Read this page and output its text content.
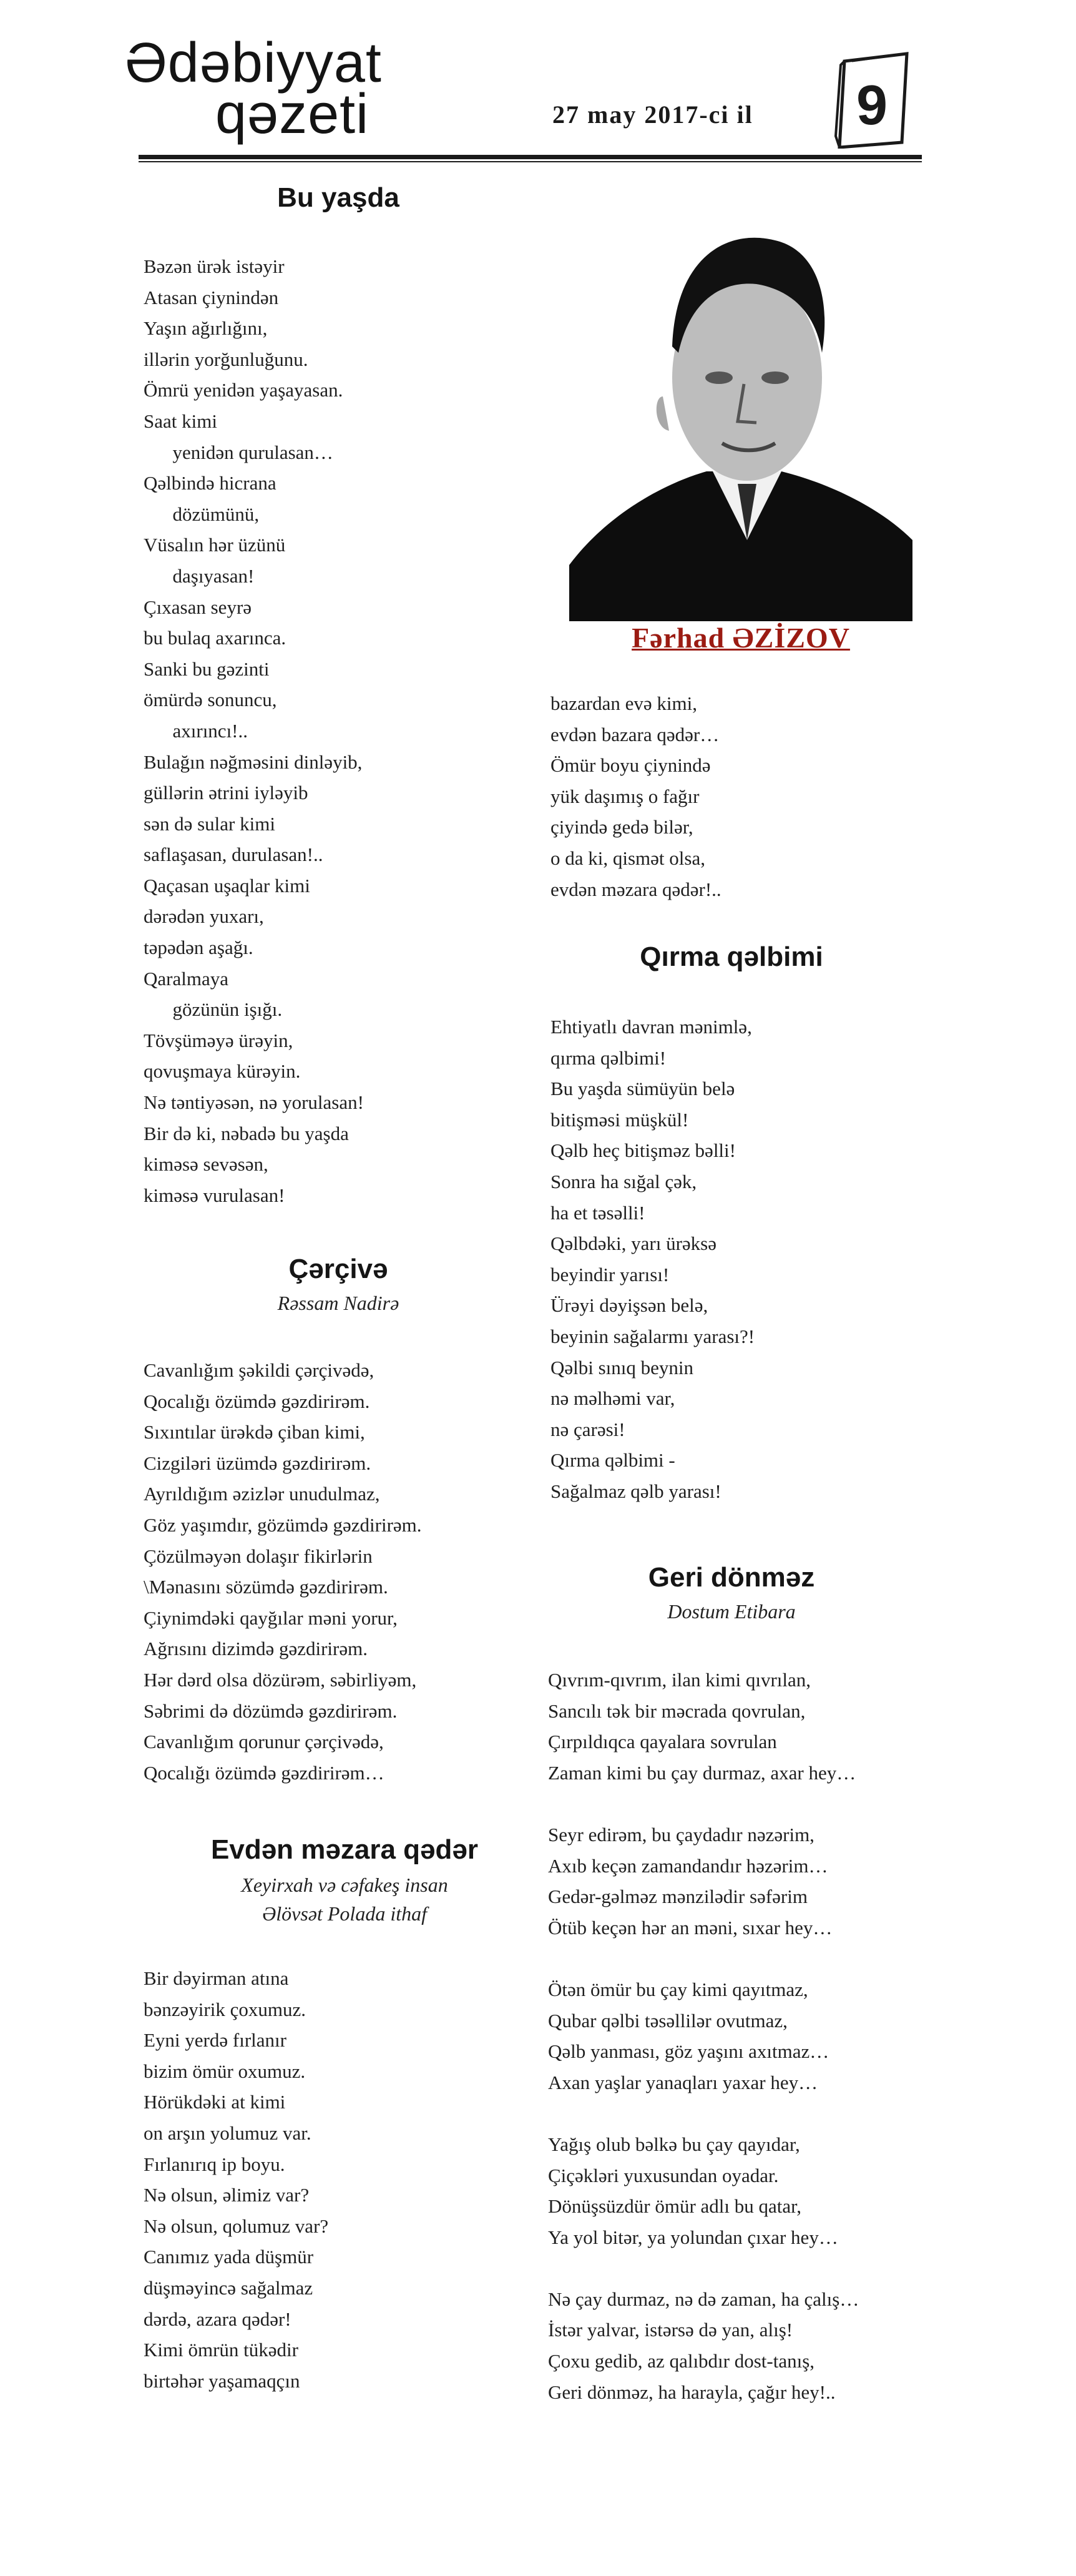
Ədəbiyyat
qəzeti	27 may 2017-ci il 9
Bu yaşda
Bəzən ürək istəyir
Atasan çiynindən
Yaşın ağırlığını,
illərin yorğunluğunu.
Ömrü yenidən yaşayasan.
Saat kimi
yenidən qurulasan…
Qəlbində hicrana
dözümünü,
Vüsalın hər üzünü
daşıyasan!
Çıxasan seyrə
bu bulaq axarınca.
Sanki bu gəzinti
ömürdə sonuncu,
axırıncı!..
Bulağın nəğməsini dinləyib,
güllərin ətrini iyləyib
sən də sular kimi
saflaşasan, durulasan!..
Qaçasan uşaqlar kimi
dərədən yuxarı,
təpədən aşağı.
Qaralmaya
gözünün işığı.
Tövşüməyə ürəyin,
qovuşmaya kürəyin.
Nə təntiyəsən, nə yorulasan!
Bir də ki, nəbadə bu yaşda
kiməsə sevəsən,
kiməsə vurulasan!
Çərçivə
Rəssam Nadirə
Cavanlığım şəkildi çərçivədə,
Qocalığı özümdə gəzdirirəm.
Sıxıntılar ürəkdə çiban kimi,
Cizgiləri üzümdə gəzdirirəm.
Ayrıldığım əzizlər unudulmaz,
Göz yaşımdır, gözümdə gəzdirirəm.
Çözülməyən dolaşır fikirlərin
\Mənasını sözümdə gəzdirirəm.
Çiynimdəki qayğılar məni yorur,
Ağrısını dizimdə gəzdirirəm.
Hər dərd olsa dözürəm, səbirliyəm,
Səbrimi də dözümdə gəzdirirəm.
Cavanlığım qorunur çərçivədə,
Qocalığı özümdə gəzdirirəm…
Evdən məzara qədər
Xeyirxah və cəfakeş insan
Əlövsət Polada ithaf
Bir dəyirman atına
bənzəyirik çoxumuz.
Eyni yerdə fırlanır
bizim ömür oxumuz.
Hörükdəki at kimi
on arşın yolumuz var.
Fırlanırıq ip boyu.
Nə olsun, əlimiz var?
Nə olsun, qolumuz var?
Canımız yada düşmür
düşməyincə sağalmaz
dərdə, azara qədər!
Kimi ömrün tükədir
birtəhər yaşamaqçın
Fərhad ƏZİZOV
bazardan evə kimi,
evdən bazara qədər…
Ömür boyu çiynində
yük daşımış o fağır
çiyində gedə bilər,
o da ki, qismət olsa,
evdən məzara qədər!..
Qırma qəlbimi
Ehtiyatlı davran mənimlə,
qırma qəlbimi!
Bu yaşda sümüyün belə
bitişməsi müşkül!
Qəlb heç bitişməz bəlli!
Sonra ha sığal çək,
ha et təsəlli!
Qəlbdəki, yarı ürəksə
beyindir yarısı!
Ürəyi dəyişsən belə,
beyinin sağalarmı yarası?!
Qəlbi sınıq beynin
nə məlhəmi var,
nə çarəsi!
Qırma qəlbimi -
Sağalmaz qəlb yarası!
Geri dönməz
Dostum Etibara
Qıvrım-qıvrım, ilan kimi qıvrılan,
Sancılı tək bir məcrada qovrulan,
Çırpıldıqca qayalara sovrulan
Zaman kimi bu çay durmaz, axar hey…
Seyr edirəm, bu çaydadır nəzərim,
Axıb keçən zamandandır həzərim…
Gedər-gəlməz mənzilədir səfərim
Ötüb keçən hər an məni, sıxar hey…
Ötən ömür bu çay kimi qayıtmaz,
Qubar qəlbi təsəllilər ovutmaz,
Qəlb yanması, göz yaşını axıtmaz…
Axan yaşlar yanaqları yaxar hey…
Yağış olub bəlkə bu çay qayıdar,
Çiçəkləri yuxusundan oyadar.
Dönüşsüzdür ömür adlı bu qatar,
Ya yol bitər, ya yolundan çıxar hey…
Nə çay durmaz, nə də zaman, ha çalış…
İstər yalvar, istərsə də yan, alış!
Çoxu gedib, az qalıbdır dost-tanış,
Geri dönməz, ha harayla, çağır hey!..
